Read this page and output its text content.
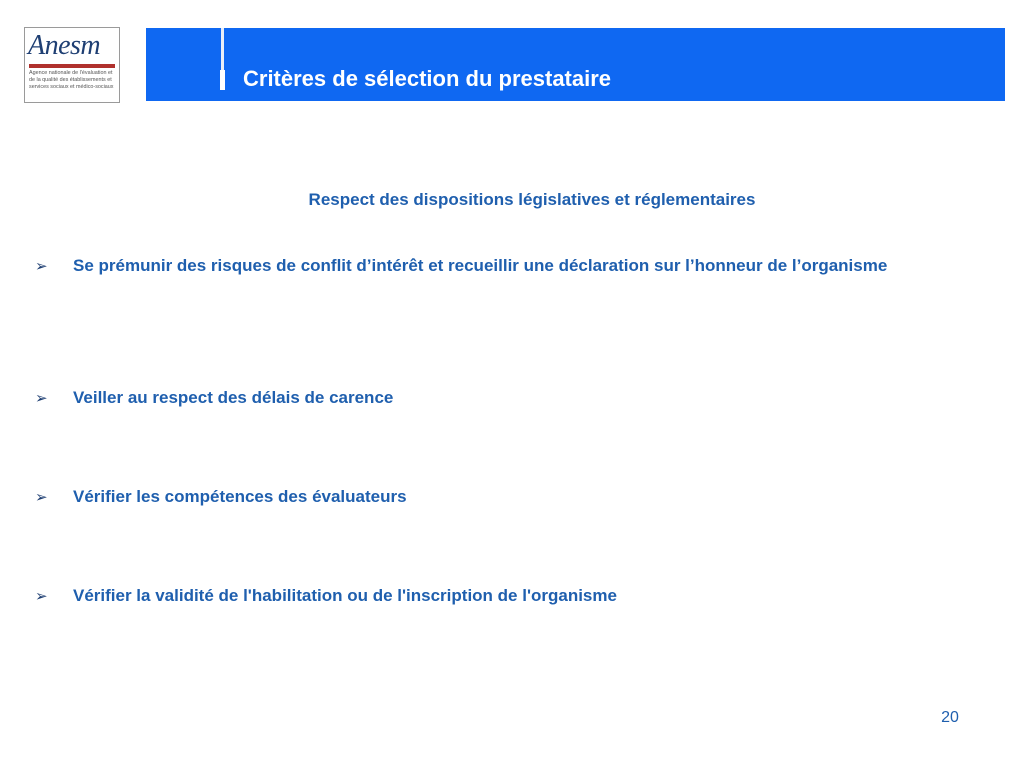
Anesm
Agence nationale de l'évaluation et de la qualité des établissements et services sociaux et médico-sociaux	Critères de sélection du prestataire

Respect des dispositions législatives et réglementaires

➢ Se prémunir des risques de conflit d’intérêt et recueillir une déclaration sur l’honneur de l’organisme
➢ Veiller au respect des délais de carence
➢ Vérifier les compétences des évaluateurs
➢ Vérifier la validité de l'habilitation ou de l'inscription de l'organisme
20
